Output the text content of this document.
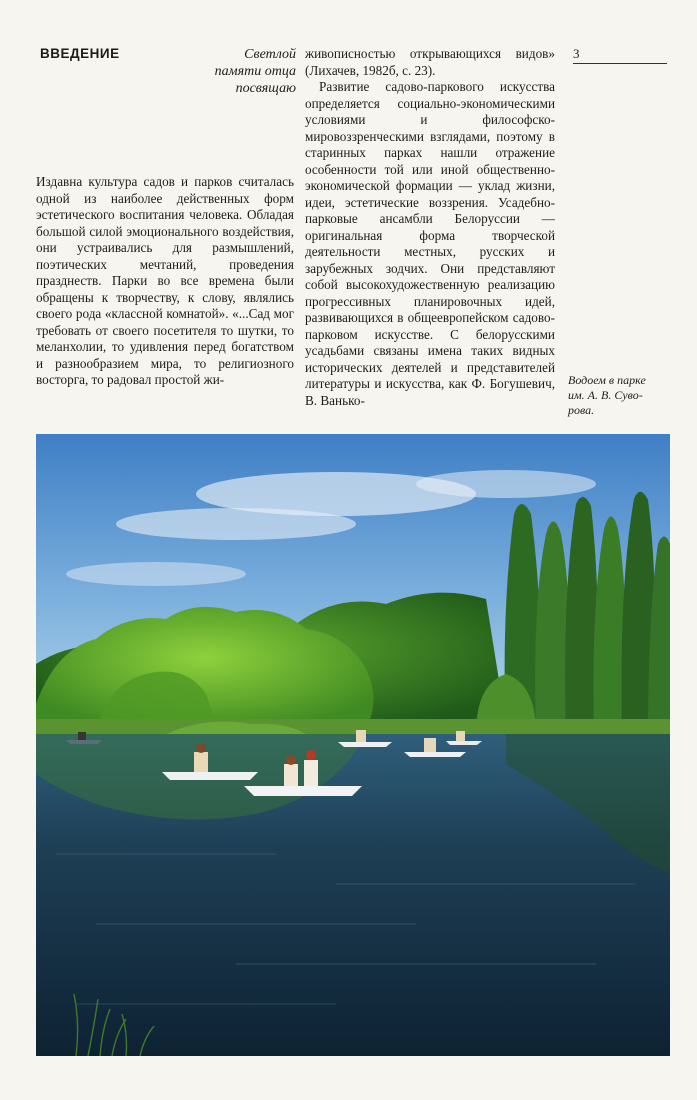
ВВЕДЕНИЕ	Светлой
памяти отца
посвящаю

Издавна культура садов и парков считалась одной из наиболее действенных форм эстетического воспитания человека. Обладая большой силой эмоционального воздействия, они устраивались для размышлений, поэтических мечтаний, проведения празднеств. Парки во все времена были обращены к творчеству, к слову, являлись своего рода «классной комнатой». «...Сад мог требовать от своего посетителя то шутки, то меланхолии, то удивления перед богатством и разнообразием мира, то религиозного восторга, то радовал простой жи-

живописностью открывающихся видов» (Лихачев, 1982б, с. 23).

Развитие садово-паркового искусства определяется социально-экономическими условиями и философско-мировоззренческими взглядами, поэтому в старинных парках нашли отражение особенности той или иной общественно-экономической формации — уклад жизни, идеи, эстетические воззрения. Усадебно-парковые ансамбли Белоруссии — оригинальная форма творческой деятельности местных, русских и зарубежных зодчих. Они представляют собой высокохудожественную реализацию прогрессивных планировочных идей, развивающихся в общеевропейском садово-парковом искусстве. С белорусскими усадьбами связаны имена таких видных исторических деятелей и представителей литературы и искусства, как Ф. Богушевич, В. Ванько-

3
Водоем в парке
им. А. В. Суво-
рова.
